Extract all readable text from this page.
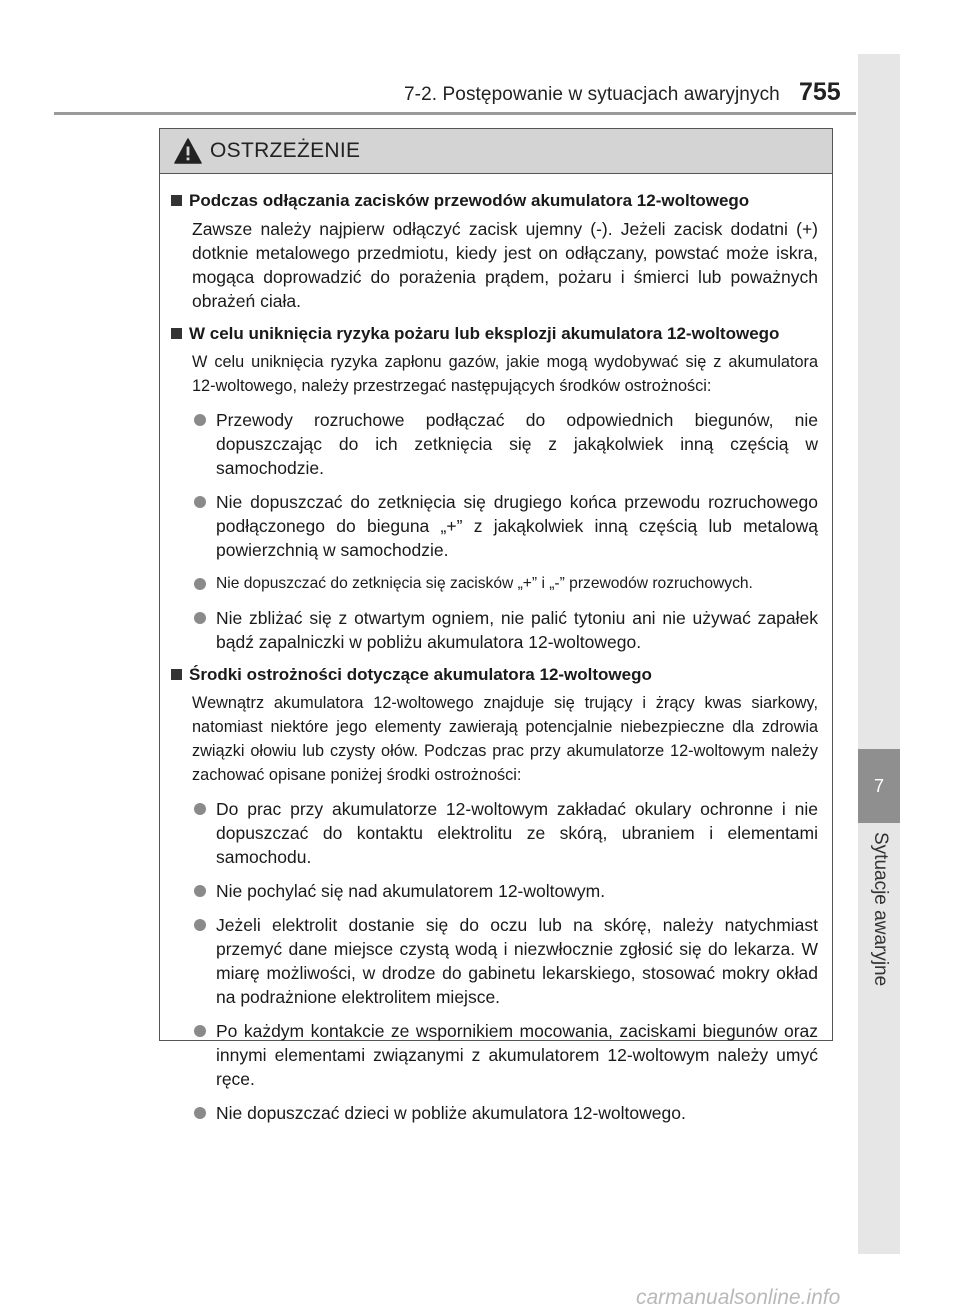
7
Sytuacje awaryjne
7-2. Postępowanie w sytuacjach awaryjnych 755
OSTRZEŻENIE
Podczas odłączania zacisków przewodów akumulatora 12-woltowego
Zawsze należy najpierw odłączyć zacisk ujemny (-). Jeżeli zacisk dodatni (+) dotknie metalowego przedmiotu, kiedy jest on odłączany, powstać może iskra, mogąca doprowadzić do porażenia prądem, pożaru i śmierci lub poważnych obrażeń ciała.
W celu uniknięcia ryzyka pożaru lub eksplozji akumulatora 12-woltowego
W celu uniknięcia ryzyka zapłonu gazów, jakie mogą wydobywać się z akumulatora 12-woltowego, należy przestrzegać następujących środków ostrożności:
Przewody rozruchowe podłączać do odpowiednich biegunów, nie dopuszczając do ich zetknięcia się z jakąkolwiek inną częścią w samochodzie.
Nie dopuszczać do zetknięcia się drugiego końca przewodu rozruchowego podłączonego do bieguna „+” z jakąkolwiek inną częścią lub metalową powierzchnią w samochodzie.
Nie dopuszczać do zetknięcia się zacisków „+” i „-” przewodów rozruchowych.
Nie zbliżać się z otwartym ogniem, nie palić tytoniu ani nie używać zapałek bądź zapalniczki w pobliżu akumulatora 12-woltowego.
Środki ostrożności dotyczące akumulatora 12-woltowego
Wewnątrz akumulatora 12-woltowego znajduje się trujący i żrący kwas siarkowy, natomiast niektóre jego elementy zawierają potencjalnie niebezpieczne dla zdrowia związki ołowiu lub czysty ołów. Podczas prac przy akumulatorze 12-woltowym należy zachować opisane poniżej środki ostrożności:
Do prac przy akumulatorze 12-woltowym zakładać okulary ochronne i nie dopuszczać do kontaktu elektrolitu ze skórą, ubraniem i elementami samochodu.
Nie pochylać się nad akumulatorem 12-woltowym.
Jeżeli elektrolit dostanie się do oczu lub na skórę, należy natychmiast przemyć dane miejsce czystą wodą i niezwłocznie zgłosić się do lekarza. W miarę możliwości, w drodze do gabinetu lekarskiego, stosować mokry okład na podrażnione elektrolitem miejsce.
Po każdym kontakcie ze wspornikiem mocowania, zaciskami biegunów oraz innymi elementami związanymi z akumulatorem 12-woltowym należy umyć ręce.
Nie dopuszczać dzieci w pobliże akumulatora 12-woltowego.
carmanualsonline.info
